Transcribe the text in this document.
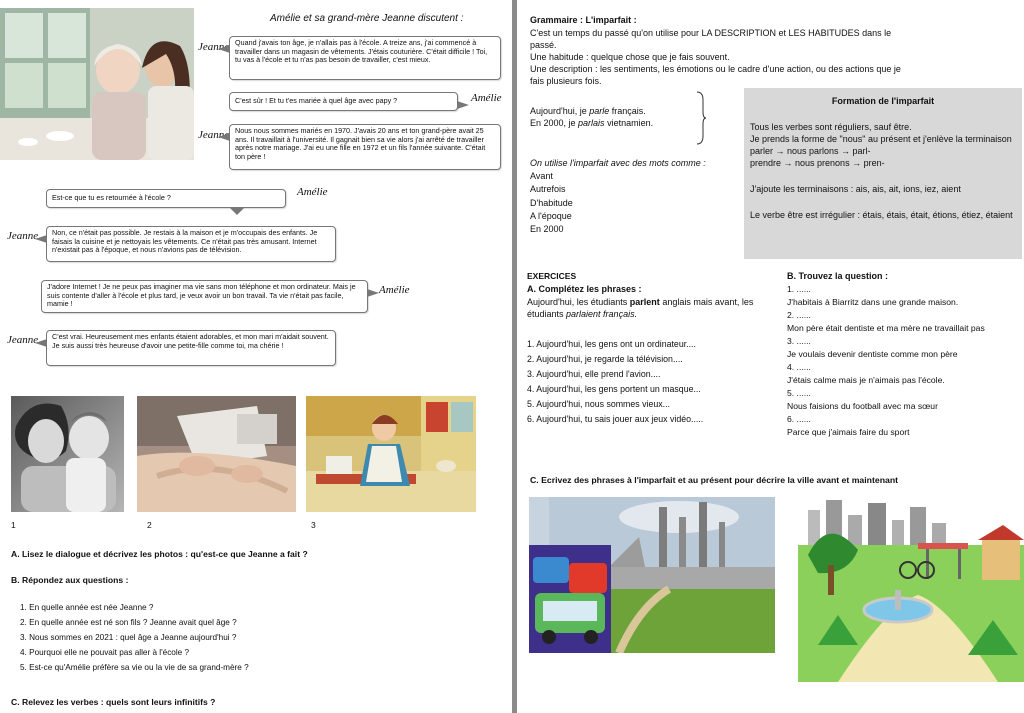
Amélie et sa grand-mère Jeanne discutent :
Jeanne Quand j'avais ton âge, je n'allais pas à l'école. A treize ans, j'ai commencé à travailler dans un magasin de vêtements. J'étais couturière. C'était difficile ! Toi, tu vas à l'école et tu n'as pas besoin de travailler, c'est mieux.
Amélie
C'est sûr ! Et tu t'es mariée à quel âge avec papy ?
Jeanne Nous nous sommes mariés en 1970. J'avais 20 ans et ton grand-père avait 25 ans. Il travaillait à l'université. Il gagnait bien sa vie alors j'ai arrêté de travailler après notre mariage. J'ai eu une fille en 1972 et un fils l'année suivante. C'était ton père !
Amélie
Est-ce que tu es retournée à l'école ?
Jeanne	Non, ce n'était pas possible. Je restais à la maison et je m'occupais des enfants. Je faisais la cuisine et je nettoyais les vêtements. Ce n'était pas très amusant. Internet n'existait pas à l'époque, et nous n'avions pas de télévision.
Amélie
J'adore Internet ! Je ne peux pas imaginer ma vie sans mon téléphone et mon ordinateur. Mais je suis contente d'aller à l'école et plus tard, je veux avoir un bon travail. Ta vie n'était pas facile, mamie !
Jeanne	C'est vrai. Heureusement mes enfants étaient adorables, et mon mari m'aidait souvent. Je suis aussi très heureuse d'avoir une petite-fille comme toi, ma chérie !
1	2	3
A. Lisez le dialogue et décrivez les photos : qu'est-ce que Jeanne a fait ?
B. Répondez aux questions :
1. En quelle année est née Jeanne ?
2. En quelle année est né son fils ? Jeanne avait quel âge ?
3. Nous sommes en 2021 : quel âge a Jeanne aujourd'hui ?
4. Pourquoi elle ne pouvait pas aller à l'école ?
5. Est-ce qu'Amélie préfère sa vie ou la vie de sa grand-mère ?
C. Relevez les verbes : quels sont leurs infinitifs ?
Grammaire : L'imparfait :

C'est un temps du passé qu'on utilise pour LA DESCRIPTION et LES HABITUDES dans le passé.

Une habitude : quelque chose que je fais souvent.

Une description : les sentiments, les émotions ou le cadre d'une action, ou des actions que je fais plusieurs fois.

Aujourd'hui, je parle français.

En 2000, je parlais vietnamien.

On utilise l'imparfait avec des mots comme :

Avant

Autrefois

D'habitude

A l'époque

En 2000

Formation de l'imparfait

Tous les verbes sont réguliers, sauf être.

Je prends la forme de "nous" au présent et j'enlève la terminaison

parler → nous parlons → parl-

prendre → nous prenons → pren-

J'ajoute les terminaisons : ais, ais, ait, ions, iez, aient

Le verbe être est irrégulier : étais, étais, était, étions, étiez, étaient

EXERCICES
A. Complétez les phrases :
Aujourd'hui, les étudiants parlent anglais mais avant, les étudiants parlaient français.

1. Aujourd'hui, les gens ont un ordinateur....

2. Aujourd'hui, je regarde la télévision....

3. Aujourd'hui, elle prend l'avion....

4. Aujourd'hui, les gens portent un masque...

5. Aujourd'hui, nous sommes vieux...

6. Aujourd'hui, tu sais jouer aux jeux vidéo.....

B. Trouvez la question :

1. ......

J'habitais à Biarritz dans une grande maison.

2. ......

Mon père était dentiste et ma mère ne travaillait pas

3. ......

Je voulais devenir dentiste comme mon père

4. ......

J'étais calme mais je n'aimais pas l'école.

5. ......

Nous faisions du football avec ma sœur

6. ......

Parce que j'aimais faire du sport

C. Ecrivez des phrases à l'imparfait et au présent pour décrire la ville avant et maintenant
